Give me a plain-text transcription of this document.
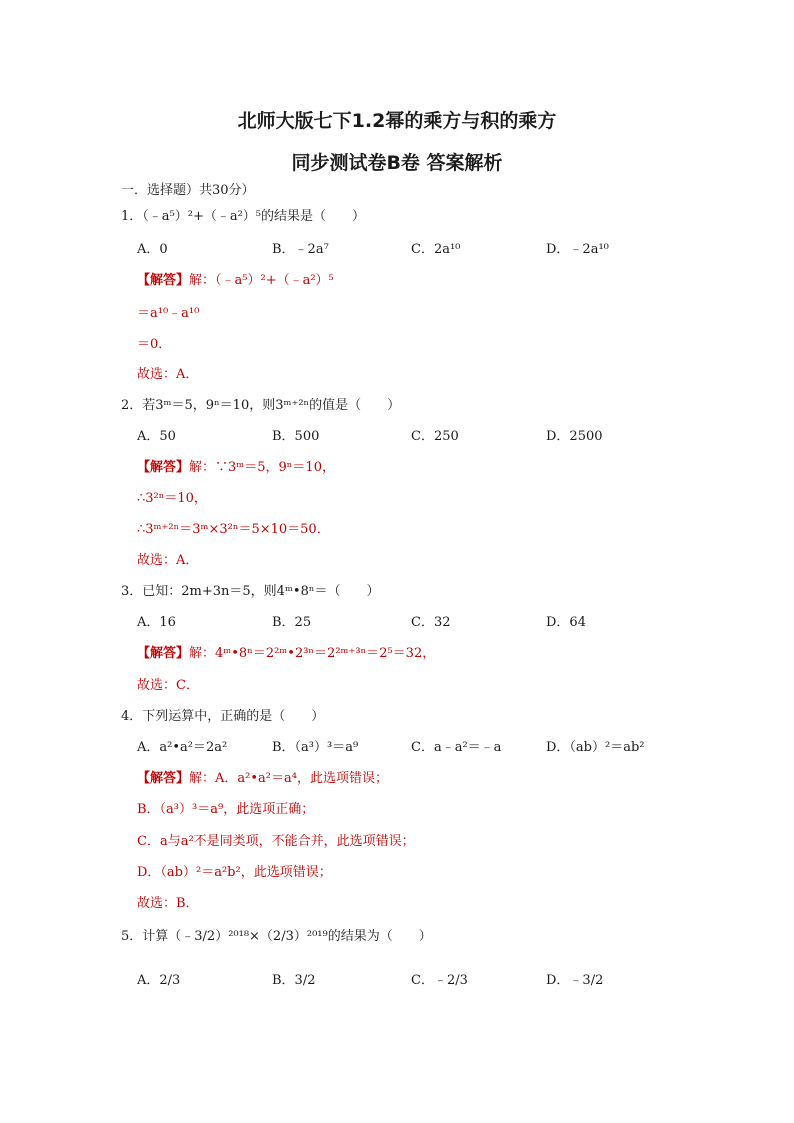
北师大版七下1.2幂的乘方与积的乘方
同步测试卷B卷 答案解析
一．选择题）共30分）
1．（﹣a⁵）²+（﹣a²）⁵的结果是（　　）
A．0	B．﹣2a⁷	C．2a¹⁰	D．﹣2a¹⁰
【解答】解：（﹣a⁵）²+（﹣a²）⁵
＝a¹⁰﹣a¹⁰
＝0．
故选：A．
2．若3ᵐ＝5，9ⁿ＝10，则3ᵐ⁺²ⁿ的值是（　　）
A．50	B．500	C．250	D．2500
【解答】解：∵3ᵐ＝5，9ⁿ＝10，
∴3²ⁿ＝10，
∴3ᵐ⁺²ⁿ＝3ᵐ×3²ⁿ＝5×10＝50．
故选：A．
3．已知：2m+3n＝5，则4ᵐ•8ⁿ＝（　　）
A．16	B．25	C．32	D．64
【解答】解：4ᵐ•8ⁿ＝2²ᵐ•2³ⁿ＝2²ᵐ⁺³ⁿ＝2⁵＝32，
故选：C．
4．下列运算中，正确的是（　　）
A．a²•a²＝2a²	B．（a³）³＝a⁹	C．a﹣a²＝﹣a	D．（ab）²＝ab²
【解答】解：A．a²•a²＝a⁴，此选项错误；
B．（a³）³＝a⁹，此选项正确；
C．a与a²不是同类项，不能合并，此选项错误；
D．（ab）²＝a²b²，此选项错误；
故选：B．
5．计算（﹣3/2）²⁰¹⁸×（2/3）²⁰¹⁹的结果为（　　）
A．2/3	B．3/2	C．﹣2/3	D．﹣3/2
